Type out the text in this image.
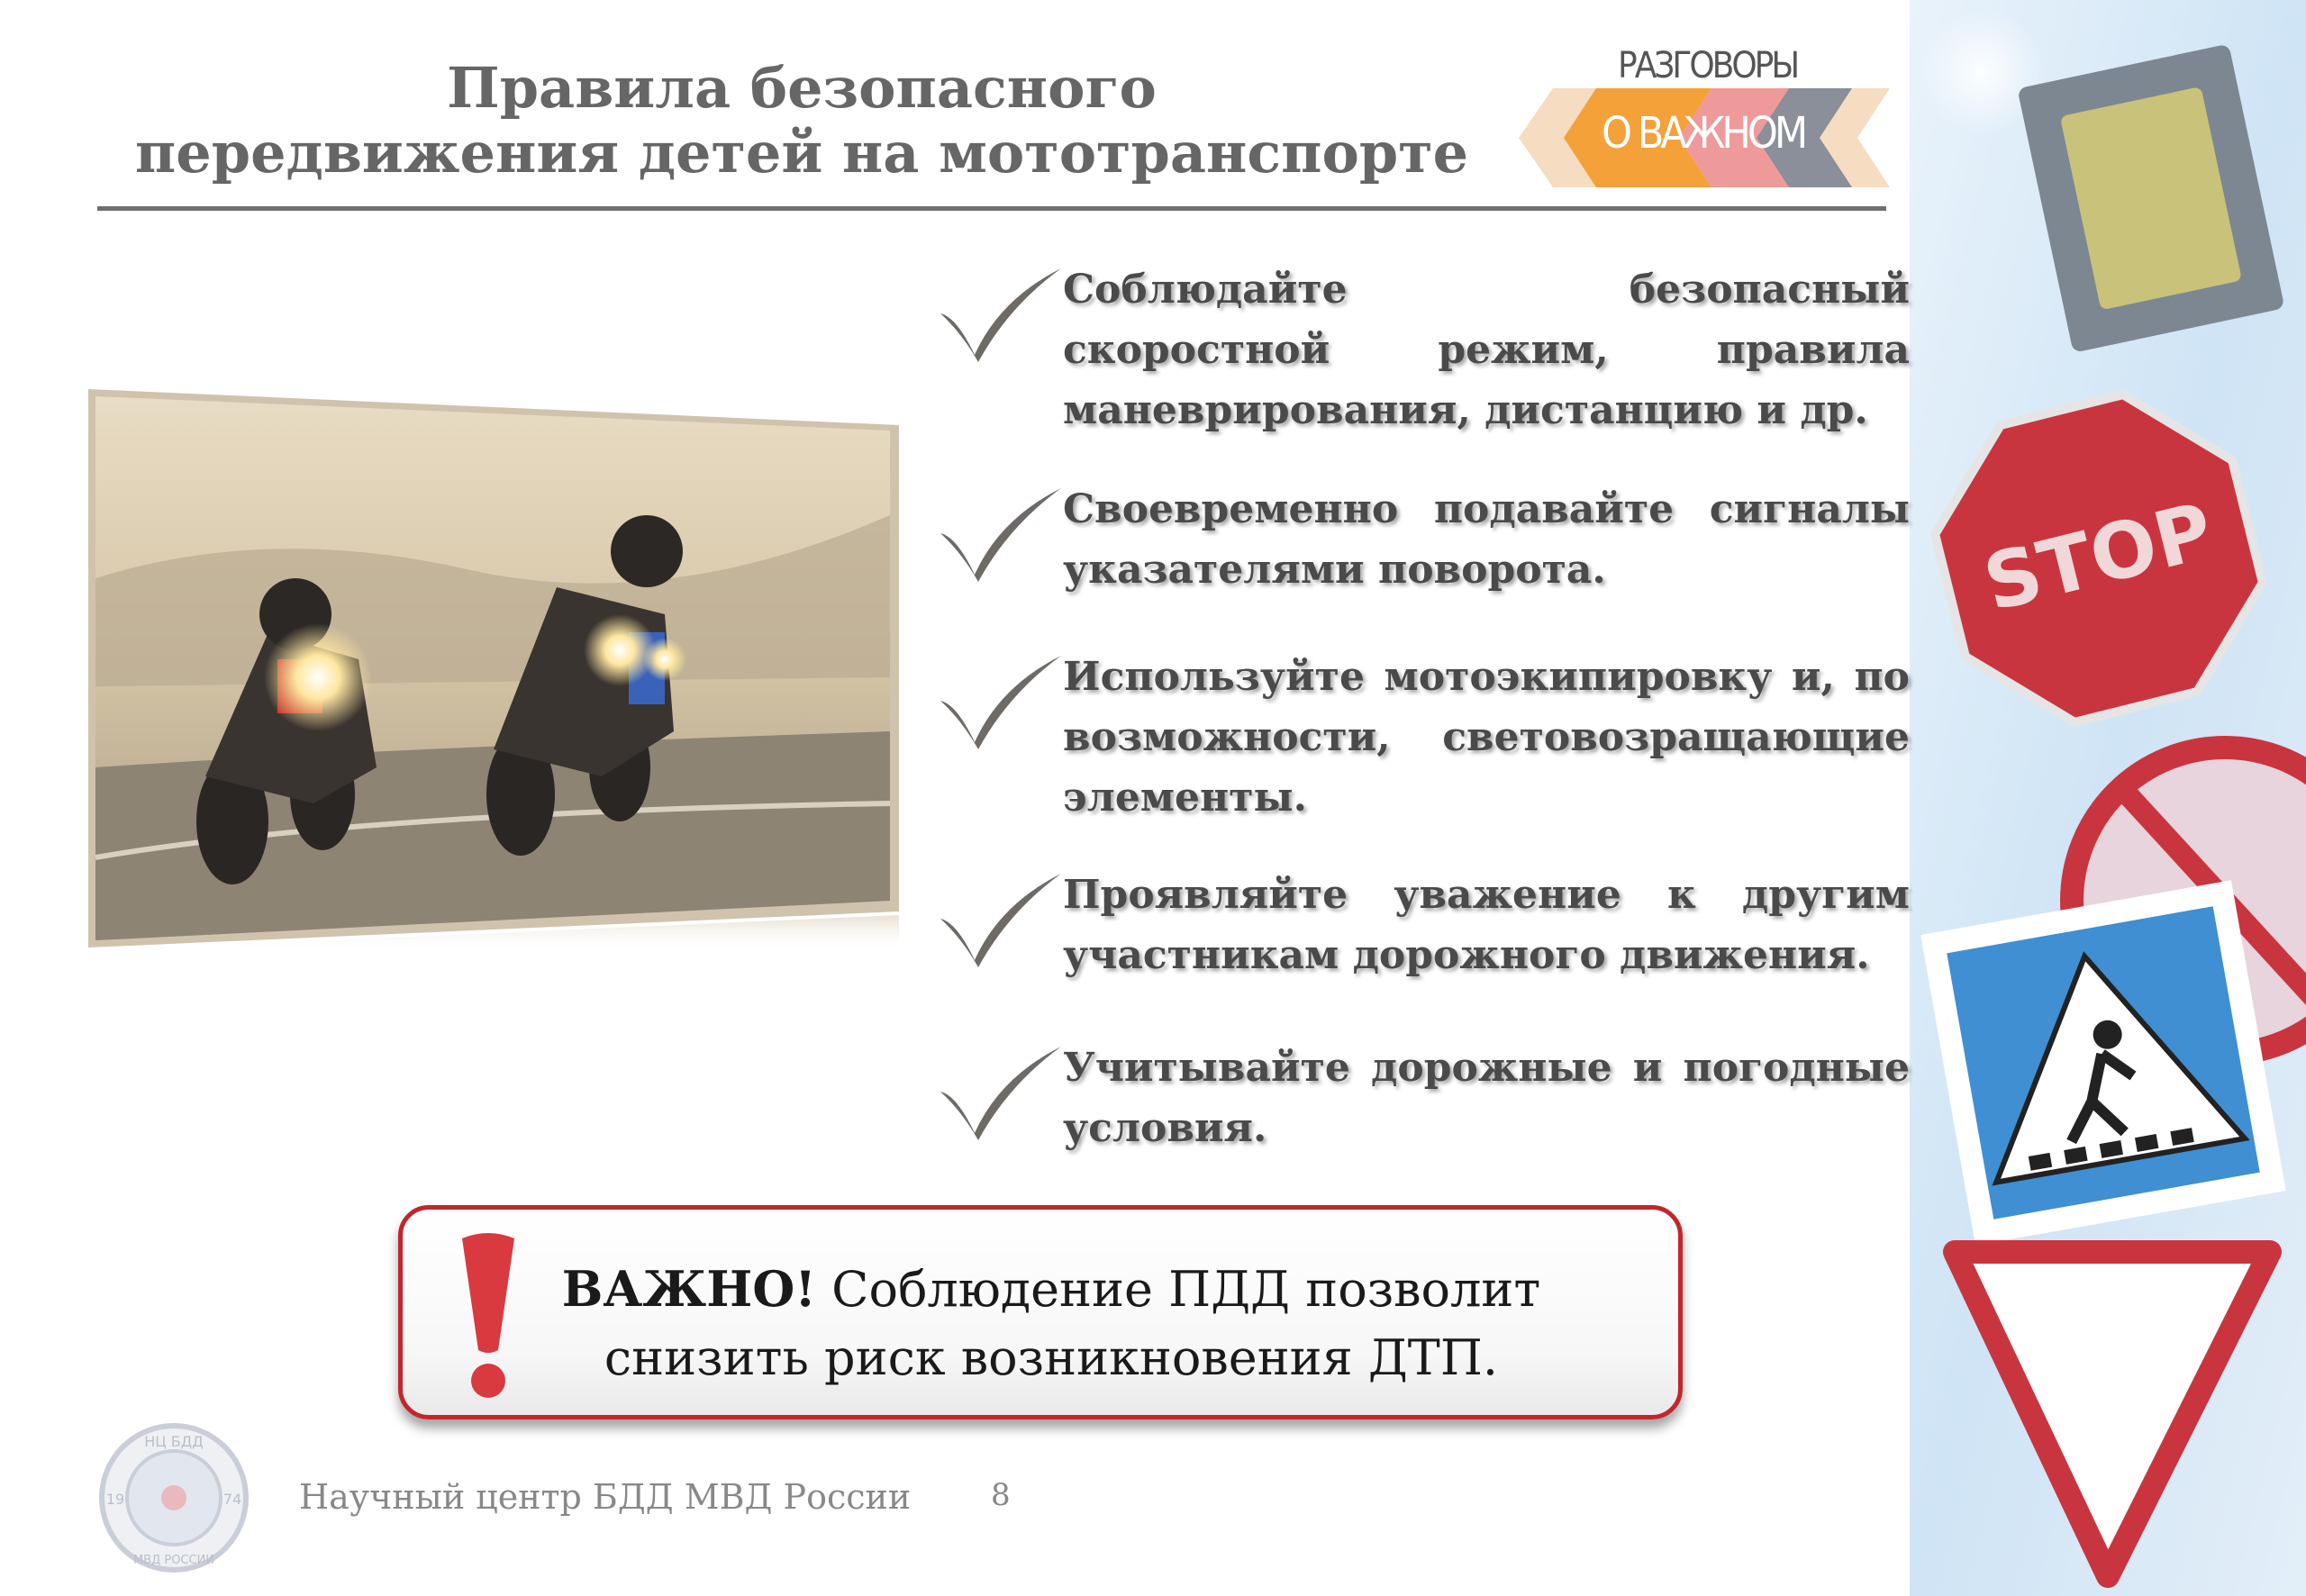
Правила безопасного
передвижения детей на мототранспорте
РАЗГОВОРЫ
О ВАЖНОМ
STOP
Соблюдайте безопасный скоростной режим, правила маневрирования, дистанцию и др.
Своевременно подавайте сигналы указателями поворота.
Используйте мотоэкипировку и, по возможности, световозращающие элементы.
Проявляйте уважение к другим участникам дорожного движения.
Учитывайте дорожные и погодные условия.
ВАЖНО! Соблюдение ПДД позволит
снизить риск возникновения ДТП.
НЦ БДД
МВД РОССИИ
19	74 Научный центр БДД МВД России	8
